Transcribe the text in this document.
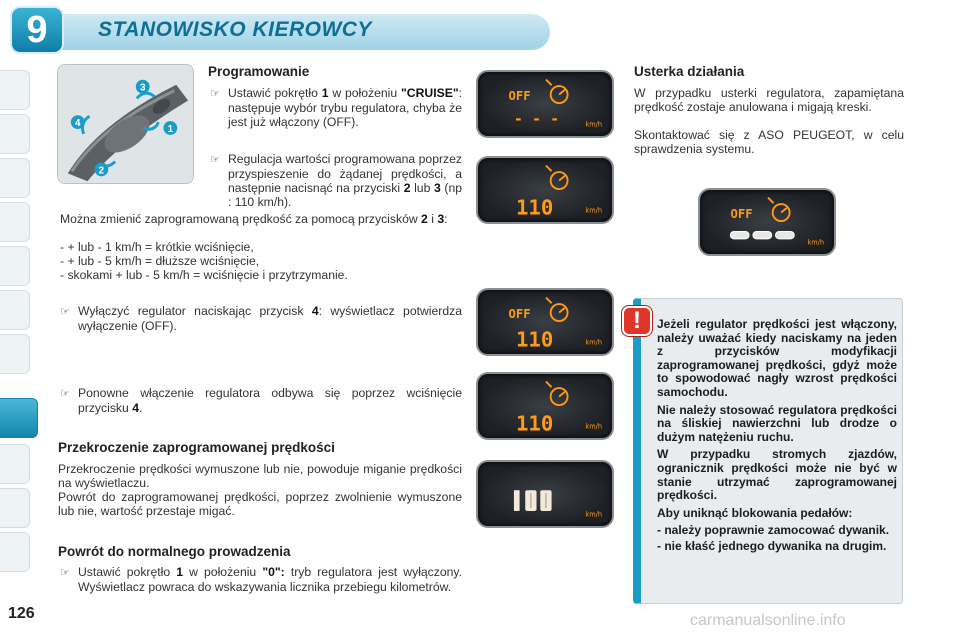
9	STANOWISKO KIEROWCY
126
3
4
1
2
Programowanie
☞ Ustawić pokrętło 1 w położeniu "CRUISE": następuje wybór trybu regulatora, chyba że jest już włączony (OFF).
☞ Regulacja wartości programowana poprzez przyspieszenie do żądanej prędkości, a następnie nacisnąć na przyciski 2 lub 3 (np : 110 km/h).
Można zmienić zaprogramowaną prędkość za pomocą przycisków 2 i 3:
- + lub - 1 km/h = krótkie wciśnięcie,
- + lub - 5 km/h = dłuższe wciśnięcie,
- skokami + lub - 5 km/h = wciśnięcie i przytrzymanie.
☞ Wyłączyć regulator naciskając przycisk 4: wyświetlacz potwierdza wyłączenie (OFF).
☞ Ponowne włączenie regulatora odbywa się poprzez wciśnięcie przycisku 4.
Przekroczenie zaprogramowanej prędkości
Przekroczenie prędkości wymuszone lub nie, powoduje miganie prędkości na wyświetlaczu.
Powrót do zaprogramowanej prędkości, poprzez zwolnienie wymuszone lub nie, wartość przestaje migać.
Powrót do normalnego prowadzenia
☞ Ustawić pokrętło 1 w położeniu "0": tryb regulatora jest wyłączony. Wyświetlacz powraca do wskazywania licznika przebiegu kilometrów.
OFF
- - -	km/h
110	km/h
OFF
110	km/h
110	km/h
km/h
Usterka działania
W przypadku usterki regulatora, zapamiętana prędkość zostaje anulowana i migają kreski.
Skontaktować się z ASO PEUGEOT, w celu sprawdzenia systemu.
OFF
km/h
!	Jeżeli regulator prędkości jest włączony, należy uważać kiedy naciskamy na jeden z przycisków modyfikacji zaprogramowanej prędkości, gdyż może to spowodować nagły wzrost prędkości samochodu.

Nie należy stosować regulatora prędkości na śliskiej nawierzchni lub drodze o dużym natężeniu ruchu.

W przypadku stromych zjazdów, ogranicznik prędkości może nie być w stanie utrzymać zaprogramowanej prędkości.

Aby uniknąć blokowania pedałów:

- należy poprawnie zamocować dywanik.

- nie kłaść jednego dywanika na drugim.

carmanualsonline.info
